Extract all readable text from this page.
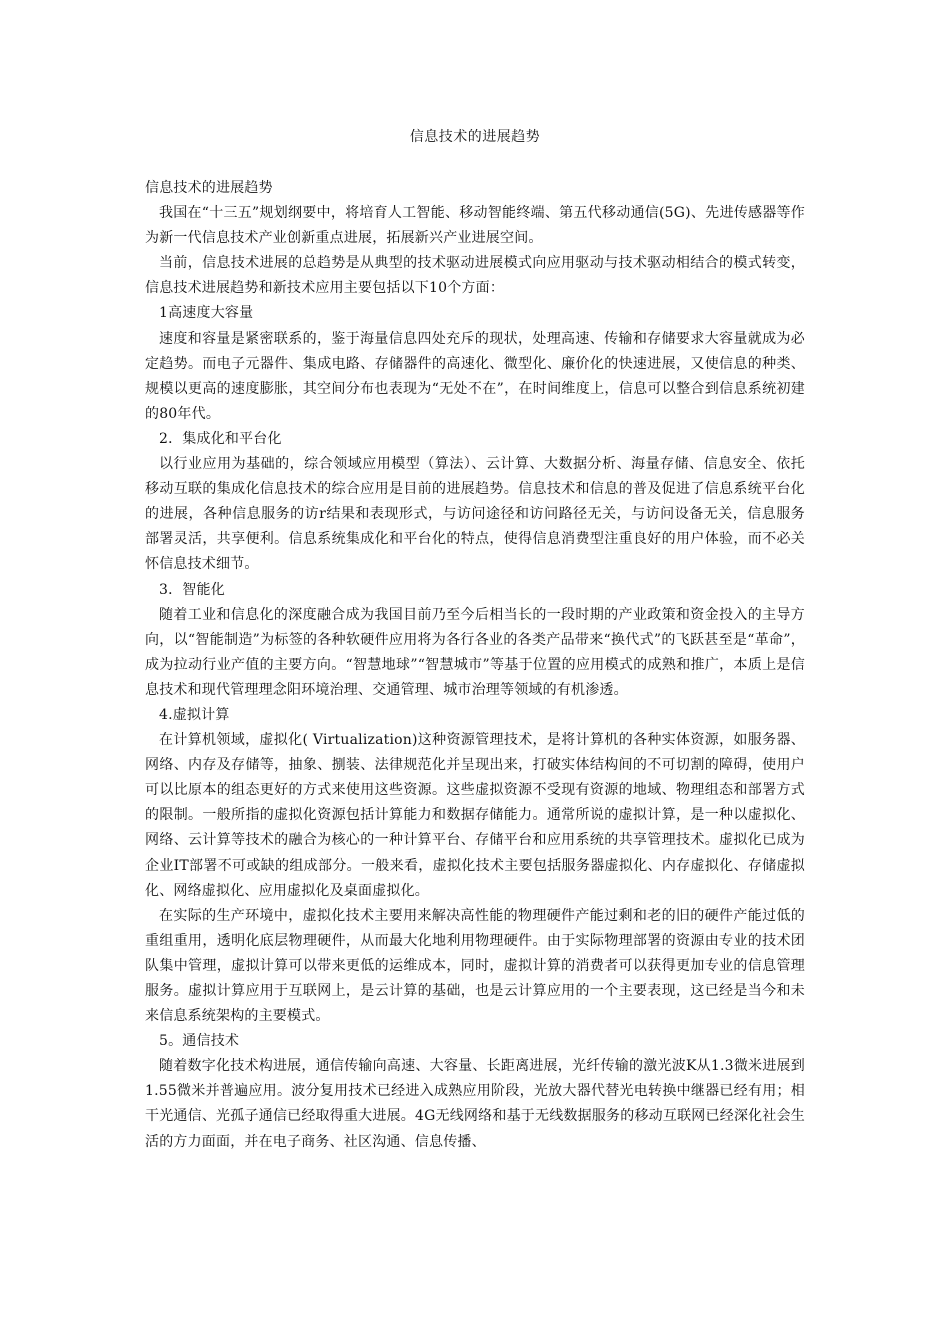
信息技术的进展趋势

信息技术的进展趋势

我国在“十三五”规划纲要中，将培育人工智能、移动智能终端、第五代移动通信(5G)、先进传感器等作为新一代信息技术产业创新重点进展，拓展新兴产业进展空间。

当前，信息技术进展的总趋势是从典型的技术驱动进展模式向应用驱动与技术驱动相结合的模式转变，信息技术进展趋势和新技术应用主要包括以下10个方面：

1高速度大容量

速度和容量是紧密联系的，鉴于海量信息四处充斥的现状，处理高速、传输和存储要求大容量就成为必定趋势。而电子元器件、集成电路、存储器件的高速化、微型化、廉价化的快速进展，又使信息的种类、规模以更高的速度膨胀，其空间分布也表现为“无处不在”，在时间维度上，信息可以整合到信息系统初建的80年代。

2．集成化和平台化

以行业应用为基础的，综合领域应用模型（算法）、云计算、大数据分析、海量存储、信息安全、依托移动互联的集成化信息技术的综合应用是目前的进展趋势。信息技术和信息的普及促进了信息系统平台化的进展，各种信息服务的访r结果和表现形式，与访问途径和访问路径无关，与访问设备无关，信息服务部署灵活，共享便利。信息系统集成化和平台化的特点，使得信息消费型注重良好的用户体验，而不必关怀信息技术细节。

3．智能化

随着工业和信息化的深度融合成为我国目前乃至今后相当长的一段时期的产业政策和资金投入的主导方向，以“智能制造”为标签的各种软硬件应用将为各行各业的各类产品带来“换代式”的飞跃甚至是“革命”，成为拉动行业产值的主要方向。“智慧地球”“智慧城市”等基于位置的应用模式的成熟和推广，本质上是信息技术和现代管理理念阳环境治理、交通管理、城市治理等领域的有机渗透。

4.虚拟计算

在计算机领域，虚拟化( Virtualization)这种资源管理技术，是将计算机的各种实体资源，如服务器、网络、内存及存储等，抽象、捌装、法律规范化并呈现出来，打破实体结构间的不可切割的障碍，使用户可以比原本的组态更好的方式来使用这些资源。这些虚拟资源不受现有资源的地域、物理组态和部署方式的限制。一般所指的虚拟化资源包括计算能力和数据存储能力。通常所说的虚拟计算，是一种以虚拟化、网络、云计算等技术的融合为核心的一种计算平台、存储平台和应用系统的共享管理技术。虚拟化已成为企业IT部署不可或缺的组成部分。一般来看，虚拟化技术主要包括服务器虚拟化、内存虚拟化、存储虚拟化、网络虚拟化、应用虚拟化及桌面虚拟化。

在实际的生产环境中，虚拟化技术主要用来解决高性能的物理硬件产能过剩和老的旧的硬件产能过低的重组重用，透明化底层物理硬件，从而最大化地利用物理硬件。由于实际物理部署的资源由专业的技术团队集中管理，虚拟计算可以带来更低的运维成本，同时，虚拟计算的消费者可以获得更加专业的信息管理服务。虚拟计算应用于互联网上，是云计算的基础，也是云计算应用的一个主要表现，这已经是当今和未来信息系统架构的主要模式。

5。通信技术

随着数字化技术构进展，通信传输向高速、大容量、长距离进展，光纤传输的激光波K从1.3微米进展到1.55微米并普遍应用。波分复用技术已经进入成熟应用阶段，光放大器代替光电转换中继器已经有用；相干光通信、光孤子通信已经取得重大进展。4G无线网络和基于无线数据服务的移动互联网已经深化社会生活的方力面面，并在电子商务、社区沟通、信息传播、
